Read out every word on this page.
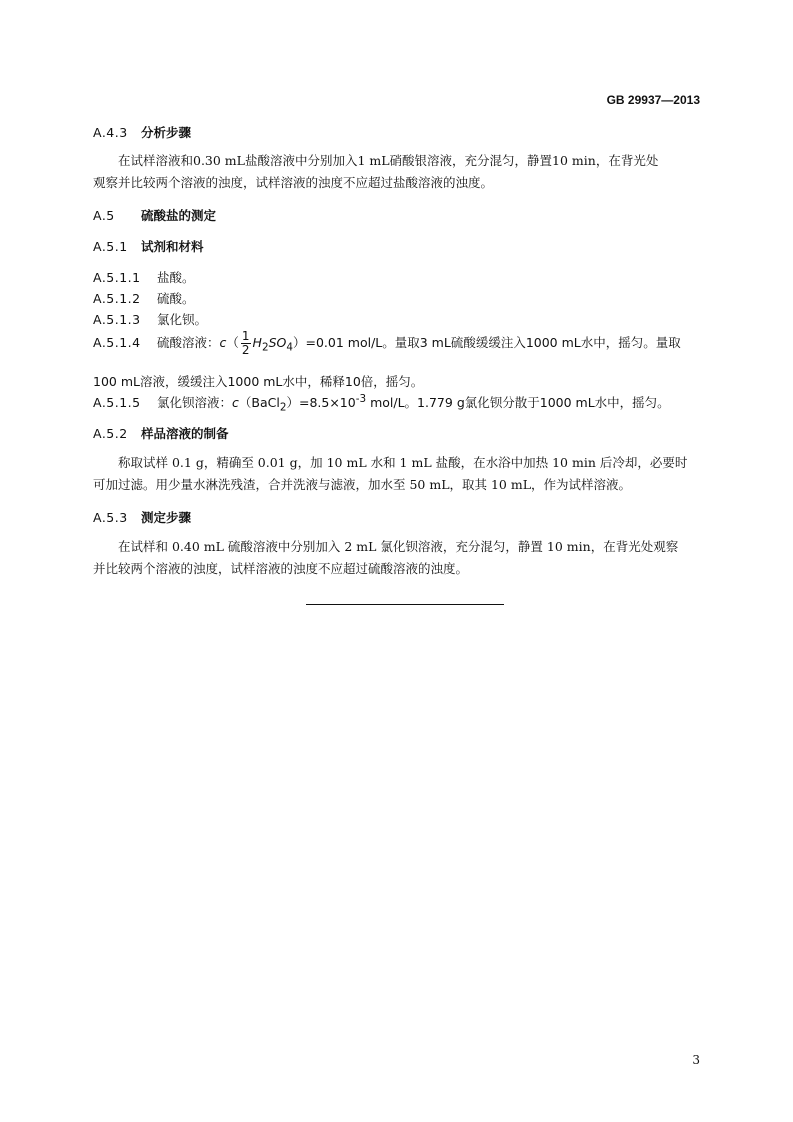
GB 29937—2013
A.4.3 分析步骤

在试样溶液和0.30 mL盐酸溶液中分别加入1 mL硝酸银溶液，充分混匀，静置10 min，在背光处

观察并比较两个溶液的浊度，试样溶液的浊度不应超过盐酸溶液的浊度。
A.5 硫酸盐的测定
A.5.1 试剂和材料
A.5.1.1 盐酸。
A.5.1.2 硫酸。
A.5.1.3 氯化钡。
A.5.1.4 硫酸溶液：$c( \frac{1}{2} H_2SO_4)=0.01$ mol/L。量取3 mL硫酸缓缓注入1000 mL水中，摇匀。量取
100 mL溶液，缓缓注入1000 mL水中，稀释10倍，摇匀。
A.5.1.5 氯化钡溶液：$c(BaCl_2)=8.5\times 10^{-3}$ mol/L。1.779 g氯化钡分散于1000 mL水中，摇匀。
A.5.2 样品溶液的制备

称取试样 0.1 g，精确至 0.01 g，加 10 mL 水和 1 mL 盐酸，在水浴中加热 10 min 后冷却，必要时

可加过滤。用少量水淋洗残渣，合并洗液与滤液，加水至 50 mL，取其 10 mL，作为试样溶液。
A.5.3 测定步骤

在试样和 0.40 mL 硫酸溶液中分别加入 2 mL 氯化钡溶液，充分混匀，静置 10 min，在背光处观察

并比较两个溶液的浊度，试样溶液的浊度不应超过硫酸溶液的浊度。
3
